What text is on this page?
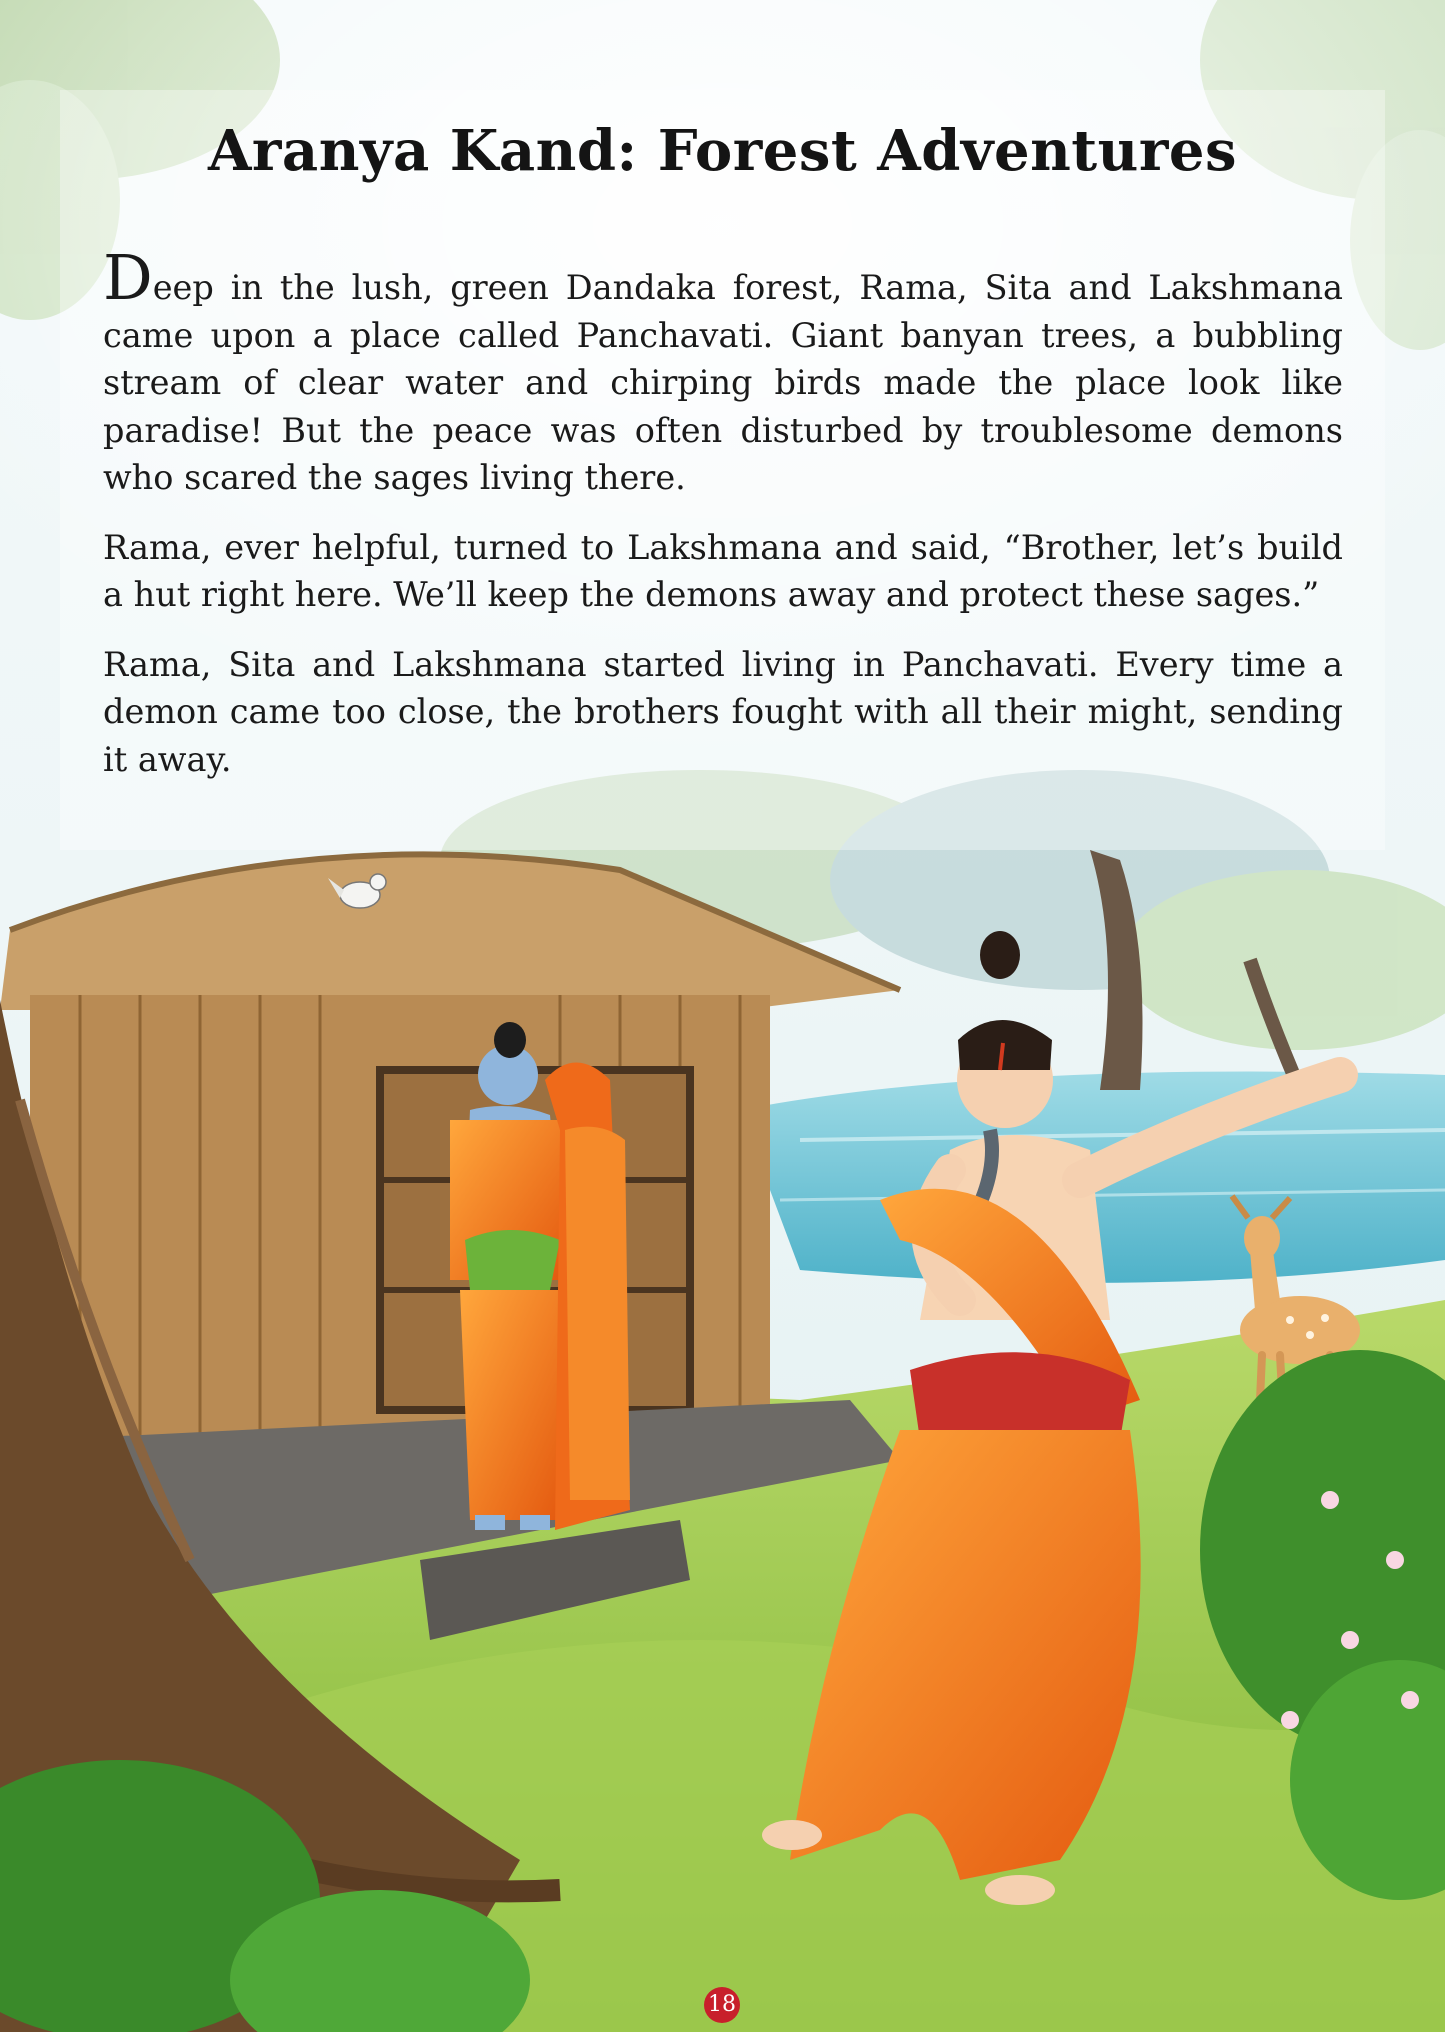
Aranya Kand: Forest Adventures

Deep in the lush, green Dandaka forest, Rama, Sita and Lakshmana came upon a place called Panchavati. Giant banyan trees, a bubbling stream of clear water and chirping birds made the place look like paradise! But the peace was often disturbed by troublesome demons who scared the sages living there.

Rama, ever helpful, turned to Lakshmana and said, “Brother, let’s build a hut right here. We’ll keep the demons away and protect these sages.”

Rama, Sita and Lakshmana started living in Panchavati. Every time a demon came too close, the brothers fought with all their might, sending it away.

18
